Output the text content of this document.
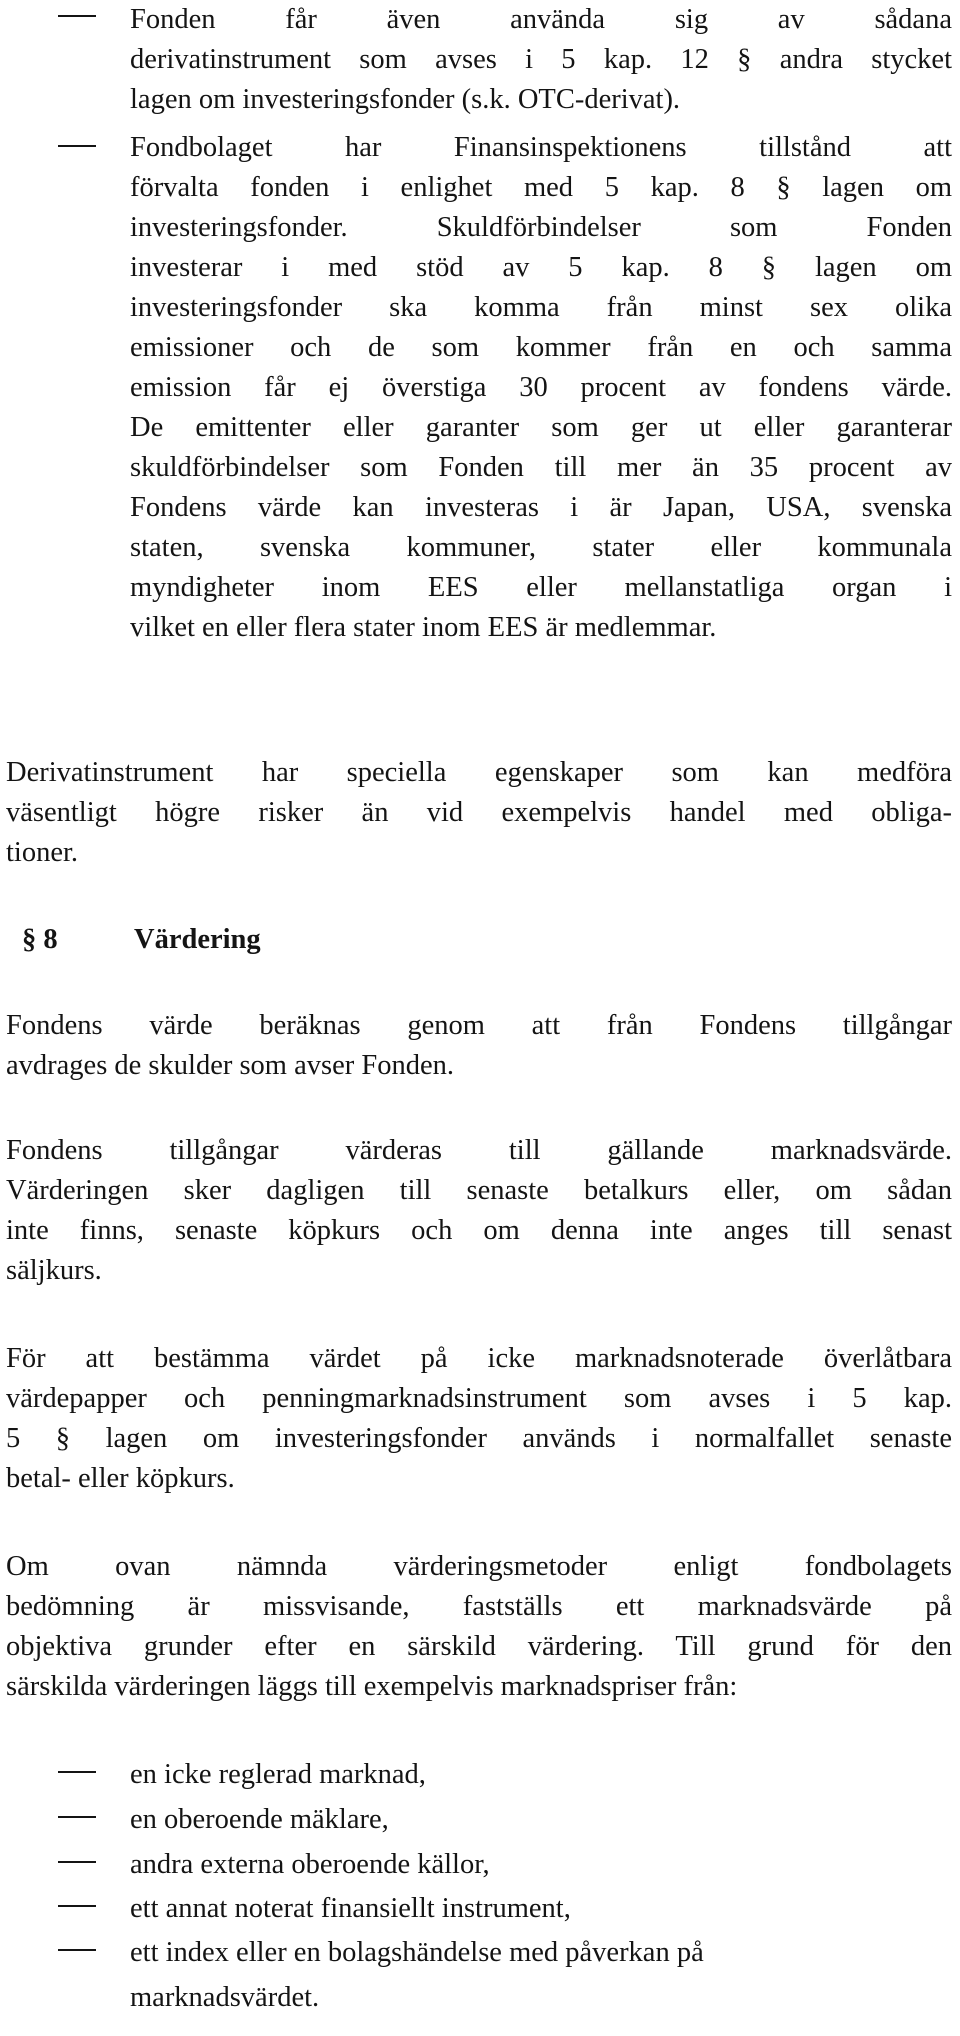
Fonden får även använda sig av sådana
derivatinstrument som avses i 5 kap. 12 § andra stycket
lagen om investeringsfonder (s.k. OTC-derivat).
Fondbolaget har Finansinspektionens tillstånd att
förvalta fonden i enlighet med 5 kap. 8 § lagen om
investeringsfonder. Skuldförbindelser som Fonden
investerar i med stöd av 5 kap. 8 § lagen om
investeringsfonder ska komma från minst sex olika
emissioner och de som kommer från en och samma
emission får ej överstiga 30 procent av fondens värde.
De emittenter eller garanter som ger ut eller garanterar
skuldförbindelser som Fonden till mer än 35 procent av
Fondens värde kan investeras i är Japan, USA, svenska
staten, svenska kommuner, stater eller kommunala
myndigheter inom EES eller mellanstatliga organ i
vilket en eller flera stater inom EES är medlemmar.
Derivatinstrument har speciella egenskaper som kan medföra
väsentligt högre risker än vid exempelvis handel med obliga-
tioner.
§ 8	Värdering
Fondens värde beräknas genom att från Fondens tillgångar
avdrages de skulder som avser Fonden.
Fondens tillgångar värderas till gällande marknadsvärde.
Värderingen sker dagligen till senaste betalkurs eller, om sådan
inte finns, senaste köpkurs och om denna inte anges till senast
säljkurs.
För att bestämma värdet på icke marknadsnoterade överlåtbara
värdepapper och penningmarknadsinstrument som avses i 5 kap.
5 § lagen om investeringsfonder används i normalfallet senaste
betal- eller köpkurs.
Om ovan nämnda värderingsmetoder enligt fondbolagets
bedömning är missvisande, fastställs ett marknadsvärde på
objektiva grunder efter en särskild värdering. Till grund för den
särskilda värderingen läggs till exempelvis marknadspriser från:
en icke reglerad marknad,
en oberoende mäklare,
andra externa oberoende källor,
ett annat noterat finansiellt instrument,
ett index eller en bolagshändelse med påverkan på
marknadsvärdet.
